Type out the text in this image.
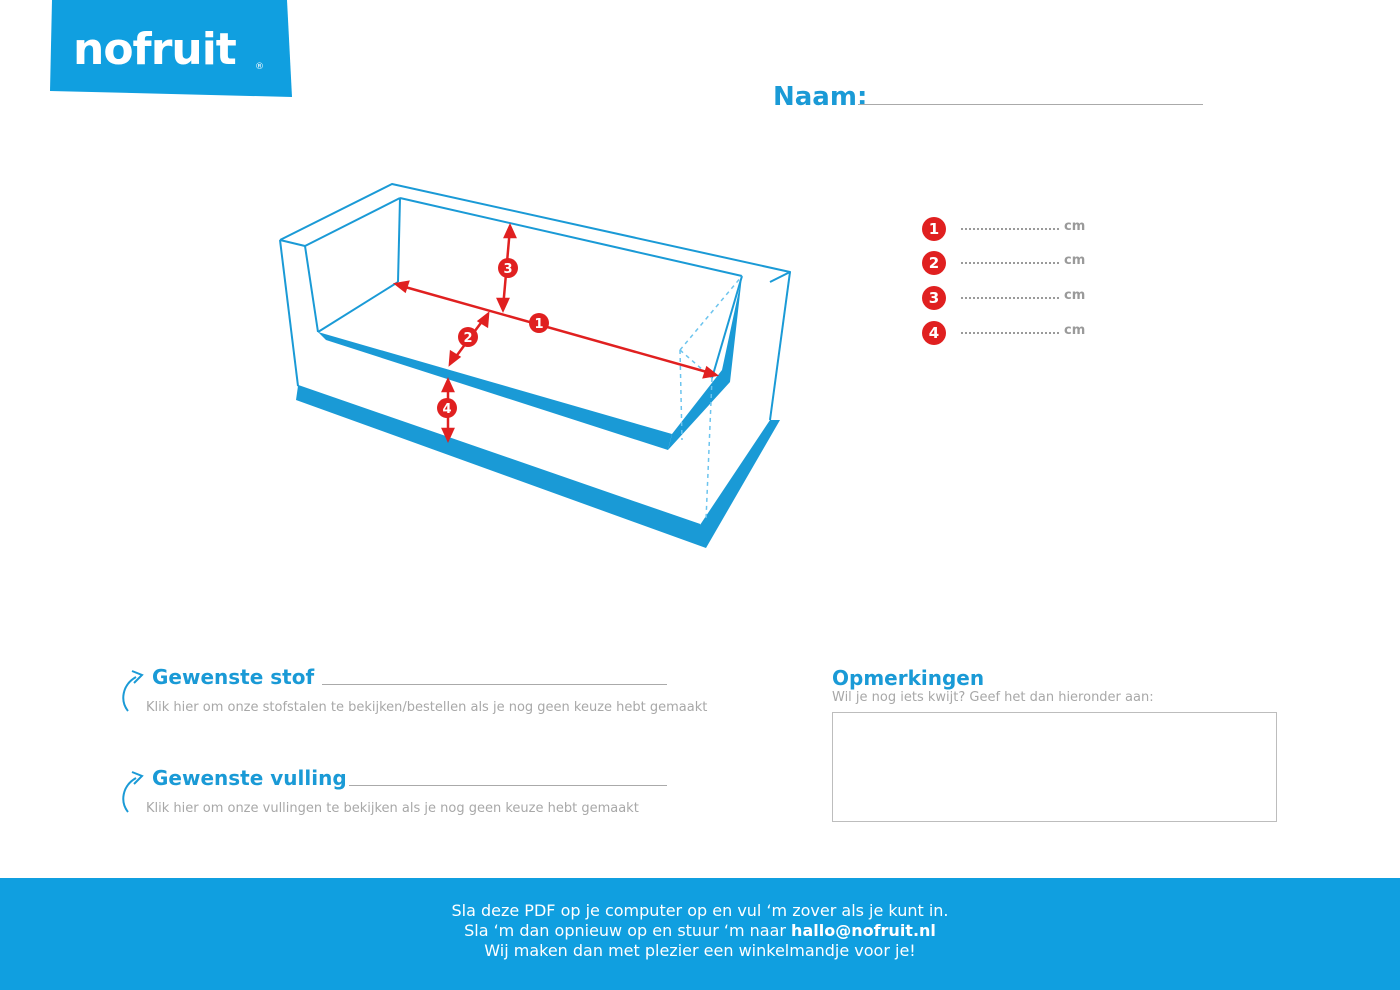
nofruit ®
Naam:
1	cm
2	cm
3	cm
4	cm
1
2
3
4
Gewenste stof
Klik hier om onze stofstalen te bekijken/bestellen als je nog geen keuze hebt gemaakt
Gewenste vulling
Klik hier om onze vullingen te bekijken als je nog geen keuze hebt gemaakt
Opmerkingen
Wil je nog iets kwijt? Geef het dan hieronder aan:
Sla deze PDF op je computer op en vul ‘m zover als je kunt in.
Sla ‘m dan opnieuw op en stuur ‘m naar hallo@nofruit.nl
Wij maken dan met plezier een winkelmandje voor je!
